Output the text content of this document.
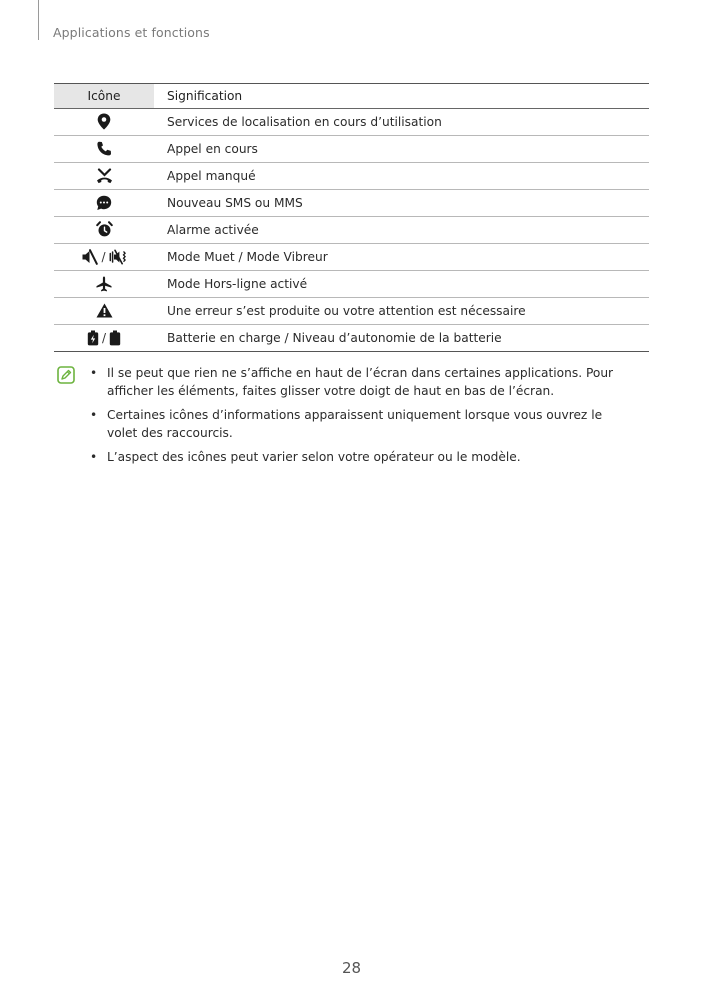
Applications et fonctions
Icône	Signification

	Services de localisation en cours d’utilisation

	Appel en cours

	Appel manqué

	Nouveau SMS ou MMS

	Alarme activée

/	Mode Muet / Mode Vibreur

	Mode Hors-ligne activé

	Une erreur s’est produite ou votre attention est nécessaire

/	Batterie en charge / Niveau d’autonomie de la batterie
• Il se peut que rien ne s’affiche en haut de l’écran dans certaines applications. Pour afficher les éléments, faites glisser votre doigt de haut en bas de l’écran.
• Certaines icônes d’informations apparaissent uniquement lorsque vous ouvrez le volet des raccourcis.
• L’aspect des icônes peut varier selon votre opérateur ou le modèle.
28
